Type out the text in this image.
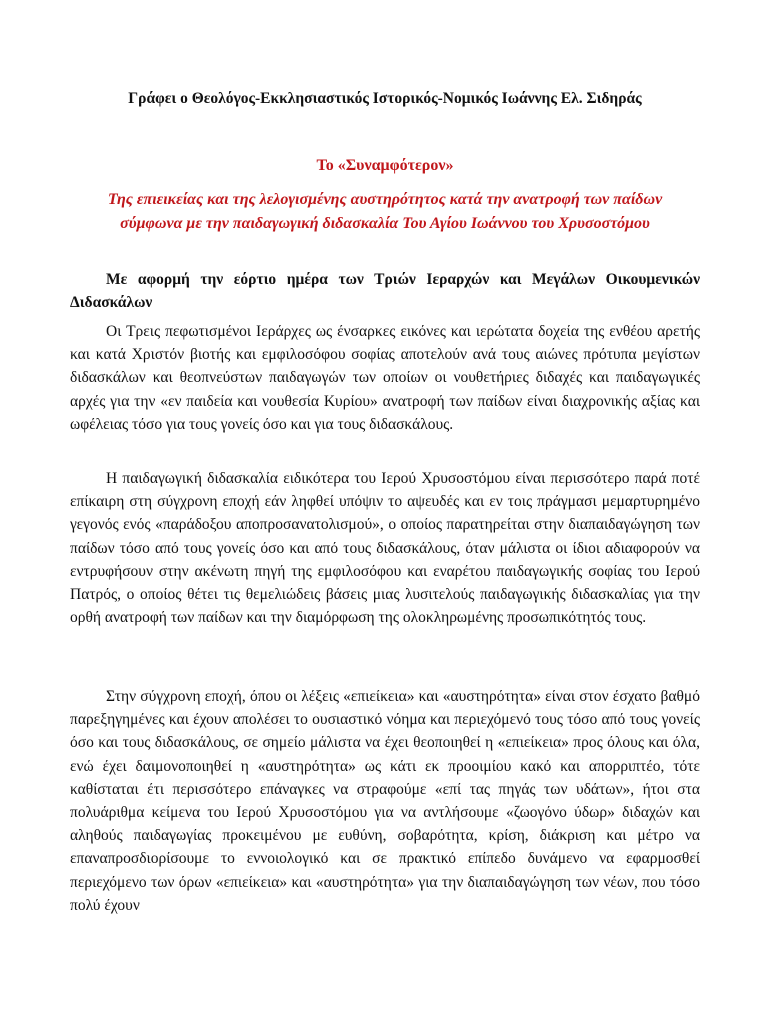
Γράφει ο Θεολόγος-Εκκλησιαστικός Ιστορικός-Νομικός Ιωάννης Ελ. Σιδηράς
Το «Συναμφότερον»
Της επιεικείας και της λελογισμένης αυστηρότητος κατά την ανατροφή των παίδων σύμφωνα με την παιδαγωγική διδασκαλία Του Αγίου Ιωάννου του Χρυσοστόμου
Με αφορμή την εόρτιο ημέρα των Τριών Ιεραρχών και Μεγάλων Οικουμενικών Διδασκάλων

Οι Τρεις πεφωτισμένοι Ιεράρχες ως ένσαρκες εικόνες και ιερώτατα δοχεία της ενθέου αρετής και κατά Χριστόν βιοτής και εμφιλοσόφου σοφίας αποτελούν ανά τους αιώνες πρότυπα μεγίστων διδασκάλων και θεοπνεύστων παιδαγωγών των οποίων οι νουθετήριες διδαχές και παιδαγωγικές αρχές για την «εν παιδεία και νουθεσία Κυρίου» ανατροφή των παίδων είναι διαχρονικής αξίας και ωφέλειας τόσο για τους γονείς όσο και για τους διδασκάλους.

Η παιδαγωγική διδασκαλία ειδικότερα του Ιερού Χρυσοστόμου είναι περισσότερο παρά ποτέ επίκαιρη στη σύγχρονη εποχή εάν ληφθεί υπόψιν το αψευδές και εν τοις πράγμασι μεμαρτυρημένο γεγονός ενός «παράδοξου αποπροσανατολισμού», ο οποίος παρατηρείται στην διαπαιδαγώγηση των παίδων τόσο από τους γονείς όσο και από τους διδασκάλους, όταν μάλιστα οι ίδιοι αδιαφορούν να εντρυφήσουν στην ακένωτη πηγή της εμφιλοσόφου και εναρέτου παιδαγωγικής σοφίας του Ιερού Πατρός, ο οποίος θέτει τις θεμελιώδεις βάσεις μιας λυσιτελούς παιδαγωγικής διδασκαλίας για την ορθή ανατροφή των παίδων και την διαμόρφωση της ολοκληρωμένης προσωπικότητός τους.

Στην σύγχρονη εποχή, όπου οι λέξεις «επιείκεια» και «αυστηρότητα» είναι στον έσχατο βαθμό παρεξηγημένες και έχουν απολέσει το ουσιαστικό νόημα και περιεχόμενό τους τόσο από τους γονείς όσο και τους διδασκάλους, σε σημείο μάλιστα να έχει θεοποιηθεί η «επιείκεια» προς όλους και όλα, ενώ έχει δαιμονοποιηθεί η «αυστηρότητα» ως κάτι εκ προοιμίου κακό και απορριπτέο, τότε καθίσταται έτι περισσότερο επάναγκες να στραφούμε «επί τας πηγάς των υδάτων», ήτοι στα πολυάριθμα κείμενα του Ιερού Χρυσοστόμου για να αντλήσουμε «ζωογόνο ύδωρ» διδαχών και αληθούς παιδαγωγίας προκειμένου με ευθύνη, σοβαρότητα, κρίση, διάκριση και μέτρο να επαναπροσδιορίσουμε το εννοιολογικό και σε πρακτικό επίπεδο δυνάμενο να εφαρμοσθεί περιεχόμενο των όρων «επιείκεια» και «αυστηρότητα» για την διαπαιδαγώγηση των νέων, που τόσο πολύ έχουν
